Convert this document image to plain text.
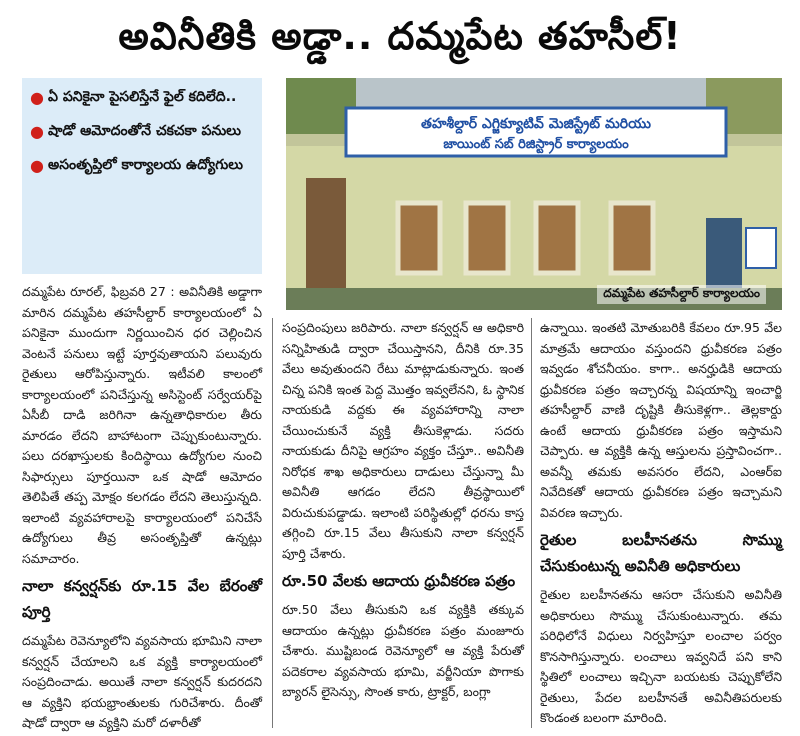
అవినీతికి అడ్డా.. దమ్మపేట తహసీల్‌!
● ఏ పనికైనా పైసలిస్తేనే ఫైల్‌ కదిలేది..
● షాడో ఆమోదంతోనే చకచకా పనులు
● అసంతృప్తిలో కార్యాలయ ఉద్యోగులు
తహశీల్దార్‌ ఎగ్జిక్యూటివ్‌ మెజిస్ట్రేట్‌ మరియు
జాయింట్‌ సబ్‌ రిజిస్ట్రార్‌ కార్యాలయం
దమ్మపేట తహసీల్దార్‌ కార్యాలయం

దమ్మపేట రూరల్‌, ఫిబ్రవరి 27 : అవినీతికి అడ్డాగా మారిన దమ్మపేట తహసీల్దార్‌ కార్యాలయంలో ఏ పనికైనా ముందుగా నిర్ణయించిన ధర చెల్లించిన వెంటనే పనులు ఇట్టే పూర్తవుతాయని పలువురు రైతులు ఆరోపిస్తున్నారు. ఇటీవలి కాలంలో కార్యాలయంలో పనిచేస్తున్న అసిస్టెంట్‌ సర్వేయర్‌పై ఏసీబీ దాడి జరిగినా ఉన్నతాధికారుల తీరు మారడం లేదని బాహాటంగా చెప్పుకుంటున్నారు. పలు దరఖాస్తులకు కిందిస్థాయి ఉద్యోగుల నుంచి సిఫార్సులు పూర్తయినా ఒక షాడో ఆమోదం తెలిపితే తప్ప మోక్షం కలగడం లేదని తెలుస్తున్నది. ఇలాంటి వ్యవహారాలపై కార్యాలయంలో పనిచేసే ఉద్యోగులు తీవ్ర అసంతృప్తితో ఉన్నట్లు సమాచారం.

నాలా కన్వర్షన్‌కు రూ.15 వేల బేరంతో పూర్తి

దమ్మపేట రెవెన్యూలోని వ్యవసాయ భూమిని నాలా కన్వర్షన్‌ చేయాలని ఒక వ్యక్తి కార్యాలయంలో సంప్రదించాడు. అయితే నాలా కన్వర్షన్‌ కుదరదని ఆ వ్యక్తిని భయభ్రాంతులకు గురిచేశారు. దీంతో షాడో ద్వారా ఆ వ్యక్తిని మరో దళారీతో

సంప్రదింపులు జరిపారు. నాలా కన్వర్షన్‌ ఆ అధికారి సన్నిహితుడి ద్వారా చేయిస్తానని, దీనికి రూ.35 వేలు అవుతుందని రేటు మాట్లాడుకున్నారు. ఇంత చిన్న పనికి ఇంత పెద్ద మొత్తం ఇవ్వలేనని, ఓ స్థానిక నాయకుడి వద్దకు ఈ వ్యవహారాన్ని నాలా చేయించుకునే వ్యక్తి తీసుకెళ్లాడు. సదరు నాయకుడు దీనిపై ఆగ్రహం వ్యక్తం చేస్తూ.. అవినీతి నిరోధక శాఖ అధికారులు దాడులు చేస్తున్నా మీ అవినీతి ఆగడం లేదని తీవ్రస్థాయిలో విరుచుకుపడ్డాడు. ఇలాంటి పరిస్థితుల్లో ధరను కాస్త తగ్గించి రూ.15 వేలు తీసుకుని నాలా కన్వర్షన్‌ పూర్తి చేశారు.

రూ.50 వేలకు ఆదాయ ధ్రువీకరణ పత్రం

రూ.50 వేలు తీసుకుని ఒక వ్యక్తికి తక్కువ ఆదాయం ఉన్నట్లు ధ్రువీకరణ పత్రం మంజూరు చేశారు. ముష్టిబండ రెవెన్యూలో ఆ వ్యక్తి పేరుతో పదెకరాల వ్యవసాయ భూమి, వర్జీనియా పొగాకు బ్యారన్‌ లైసెన్సు, సొంత కారు, ట్రాక్టర్‌, బంగ్లా

ఉన్నాయి. ఇంతటి మోతుబరికి కేవలం రూ.95 వేల మాత్రమే ఆదాయం వస్తుందని ధ్రువీకరణ పత్రం ఇవ్వడం శోచనీయం. కాగా.. అనర్హుడికి ఆదాయ ధ్రువీకరణ పత్రం ఇచ్చారన్న విషయాన్ని ఇంచార్జి తహసీల్దార్‌ వాణి దృష్టికి తీసుకెళ్లగా.. తెల్లకార్డు ఉంటే ఆదాయ ధ్రువీకరణ పత్రం ఇస్తామని చెప్పారు. ఆ వ్యక్తికి ఉన్న ఆస్తులను ప్రస్తావించగా.. అవన్నీ తమకు అవసరం లేదని, ఎంఆర్‌ఐ నివేదికతో ఆదాయ ధ్రువీకరణ పత్రం ఇచ్చామని వివరణ ఇచ్చారు.

రైతుల బలహీనతను సొమ్ము చేసుకుంటున్న అవినీతి అధికారులు

రైతుల బలహీనతను ఆసరా చేసుకుని అవినీతి అధికారులు సొమ్ము చేసుకుంటున్నారు. తమ పరిధిలోనే విధులు నిర్వహిస్తూ లంచాల పర్వం కొనసాగిస్తున్నారు. లంచాలు ఇవ్వనిదే పని కాని స్థితిలో లంచాలు ఇచ్చినా బయటకు చెప్పుకోలేని రైతులు, పేదల బలహీనతే అవినీతిపరులకు కొండంత బలంగా మారింది.
